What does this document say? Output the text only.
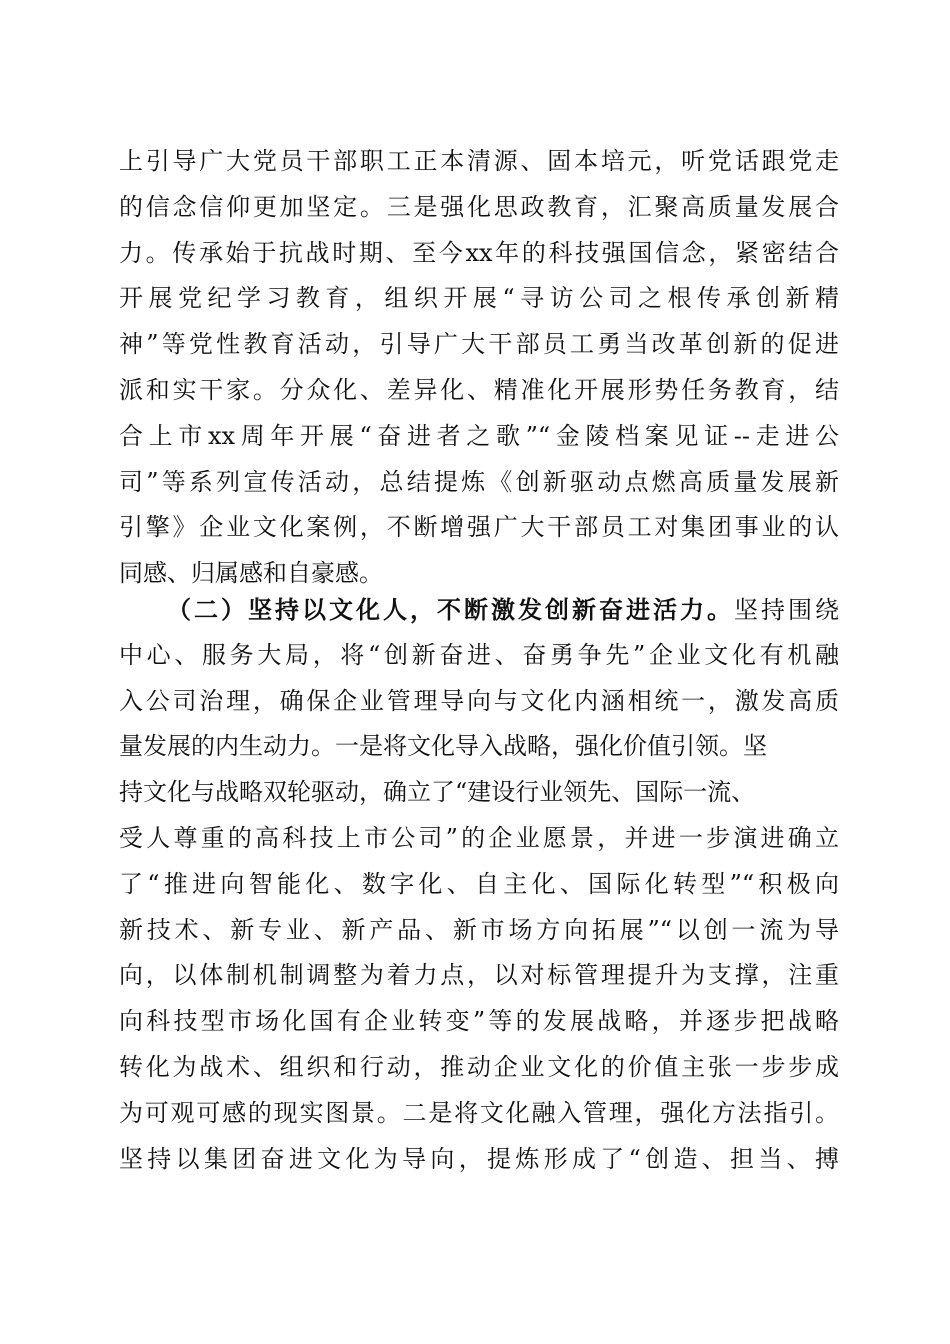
上引导广大党员干部职工正本清源、固本培元，听党话跟党走
的信念信仰更加坚定。三是强化思政教育，汇聚高质量发展合
力。传承始于抗战时期、至今xx年的科技强国信念，紧密结合
开展党纪学习教育，组织开展“寻访公司之根传承创新精
神”等党性教育活动，引导广大干部员工勇当改革创新的促进
派和实干家。分众化、差异化、精准化开展形势任务教育，结
合上市xx周年开展“奋进者之歌”“金陵档案见证--走进公
司”等系列宣传活动，总结提炼《创新驱动点燃高质量发展新
引擎》企业文化案例，不断增强广大干部员工对集团事业的认
同感、归属感和自豪感。
（二）坚持以文化人，不断激发创新奋进活力。坚持围绕
中心、服务大局，将“创新奋进、奋勇争先”企业文化有机融
入公司治理，确保企业管理导向与文化内涵相统一，激发高质
量发展的内生动力。一是将文化导入战略，强化价值引领。坚
持文化与战略双轮驱动，确立了“建设行业领先、国际一流、
受人尊重的高科技上市公司”的企业愿景，并进一步演进确立
了“推进向智能化、数字化、自主化、国际化转型”“积极向
新技术、新专业、新产品、新市场方向拓展”“以创一流为导
向，以体制机制调整为着力点，以对标管理提升为支撑，注重
向科技型市场化国有企业转变”等的发展战略，并逐步把战略
转化为战术、组织和行动，推动企业文化的价值主张一步步成
为可观可感的现实图景。二是将文化融入管理，强化方法指引。
坚持以集团奋进文化为导向，提炼形成了“创造、担当、搏
